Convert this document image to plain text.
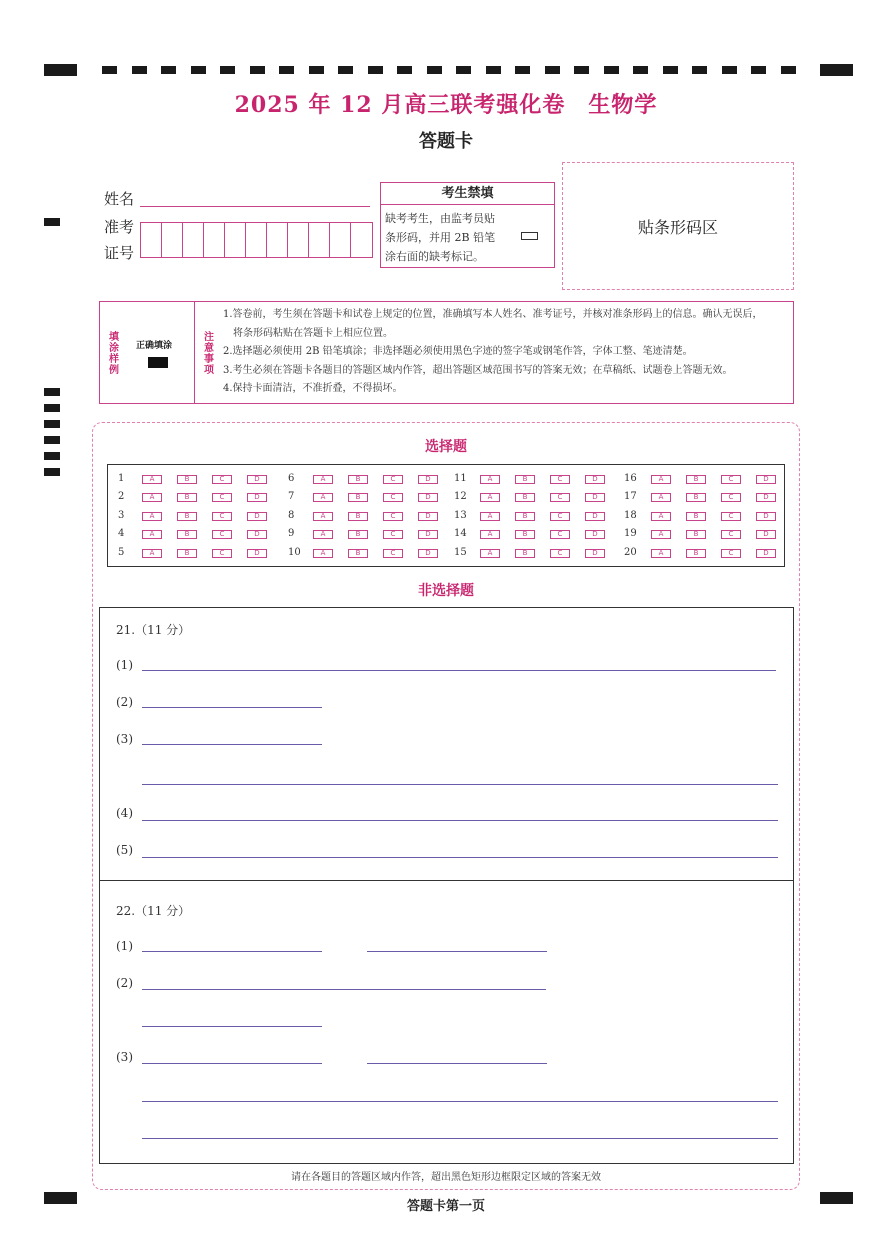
2025 年 12 月高三联考强化卷　生物学
答题卡
姓名
准考
证号
考生禁填
缺考考生，由监考员贴
条形码，并用 2B 铅笔
涂右面的缺考标记。
贴条形码区
填涂样例
正确填涂
注意事项
1.答卷前，考生须在答题卡和试卷上规定的位置，准确填写本人姓名、准考证号，并核对准条形码上的信息。确认无误后，
　将条形码粘贴在答题卡上相应位置。
2.选择题必须使用 2B 铅笔填涂；非选择题必须使用黑色字迹的签字笔或钢笔作答，字体工整、笔迹清楚。
3.考生必须在答题卡各题目的答题区域内作答，超出答题区域范围书写的答案无效；在草稿纸、试题卷上答题无效。
4.保持卡面清洁，不准折叠，不得损坏。
选择题
1	A	B	C	D
2	A	B	C	D
3	A	B	C	D
4	A	B	C	D
5	A	B	C	D
6	A	B	C	D
7	A	B	C	D
8	A	B	C	D
9	A	B	C	D
10	A	B	C	D
11	A	B	C	D
12	A	B	C	D
13	A	B	C	D
14	A	B	C	D
15	A	B	C	D
16	A	B	C	D
17	A	B	C	D
18	A	B	C	D
19	A	B	C	D
20	A	B	C	D
非选择题
21.（11 分）
(1)
(2)
(3)
(4)
(5)
22.（11 分）
(1)
(2)
(3)
请在各题目的答题区域内作答，超出黑色矩形边框限定区域的答案无效
答题卡第一页
